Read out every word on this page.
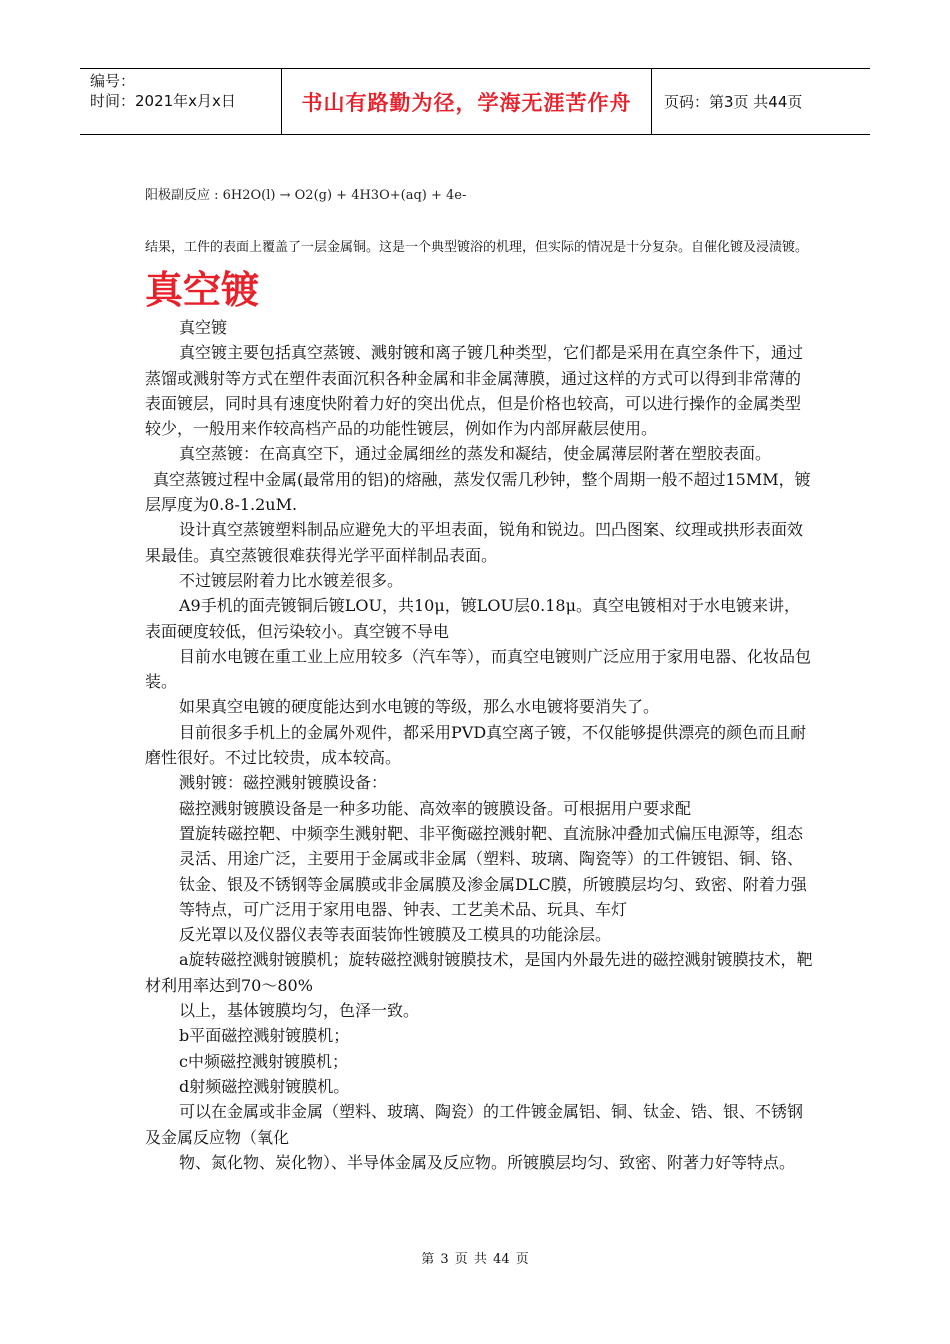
编号：
时间：2021年x月x日	书山有路勤为径，学海无涯苦作舟 页码：第3页 共44页
阳极副反应 : 6H2O(l) → O2(g) + 4H3O+(aq) + 4e-

结果，工件的表面上覆盖了一层金属铜。这是一个典型镀浴的机理，但实际的情况是十分复杂。自催化镀及浸渍镀。

真空镀

真空镀

真空镀主要包括真空蒸镀、溅射镀和离子镀几种类型，它们都是采用在真空条件下，通过蒸馏或溅射等方式在塑件表面沉积各种金属和非金属薄膜，通过这样的方式可以得到非常薄的表面镀层，同时具有速度快附着力好的突出优点，但是价格也较高，可以进行操作的金属类型较少，一般用来作较高档产品的功能性镀层，例如作为内部屏蔽层使用。

真空蒸镀：在高真空下，通过金属细丝的蒸发和凝结，使金属薄层附著在塑胶表面。

真空蒸镀过程中金属(最常用的铝)的熔融，蒸发仅需几秒钟，整个周期一般不超过15MM，镀层厚度为0.8-1.2uM.

设计真空蒸镀塑料制品应避免大的平坦表面，锐角和锐边。凹凸图案、纹理或拱形表面效果最佳。真空蒸镀很难获得光学平面样制品表面。

不过镀层附着力比水镀差很多。

A9手机的面壳镀铜后镀LOU，共10μ，镀LOU层0.18μ。真空电镀相对于水电镀来讲，表面硬度较低，但污染较小。真空镀不导电

目前水电镀在重工业上应用较多（汽车等），而真空电镀则广泛应用于家用电器、化妆品包装。

如果真空电镀的硬度能达到水电镀的等级，那么水电镀将要消失了。

目前很多手机上的金属外观件，都采用PVD真空离子镀，不仅能够提供漂亮的颜色而且耐磨性很好。不过比较贵，成本较高。

溅射镀：磁控溅射镀膜设备：

磁控溅射镀膜设备是一种多功能、高效率的镀膜设备。可根据用户要求配

置旋转磁控靶、中频孪生溅射靶、非平衡磁控溅射靶、直流脉冲叠加式偏压电源等，组态灵活、用途广泛，主要用于金属或非金属（塑料、玻璃、陶瓷等）的工件镀铝、铜、铬、钛金、银及不锈钢等金属膜或非金属膜及渗金属DLC膜，所镀膜层均匀、致密、附着力强等特点，可广泛用于家用电器、钟表、工艺美术品、玩具、车灯

反光罩以及仪器仪表等表面装饰性镀膜及工模具的功能涂层。

a旋转磁控溅射镀膜机；旋转磁控溅射镀膜技术，是国内外最先进的磁控溅射镀膜技术，靶材利用率达到70～80%

以上，基体镀膜均匀，色泽一致。

b平面磁控溅射镀膜机；

c中频磁控溅射镀膜机；

d射频磁控溅射镀膜机。

可以在金属或非金属（塑料、玻璃、陶瓷）的工件镀金属铝、铜、钛金、锆、银、不锈钢及金属反应物（氧化

物、氮化物、炭化物）、半导体金属及反应物。所镀膜层均匀、致密、附著力好等特点。

第 3 页 共 44 页
